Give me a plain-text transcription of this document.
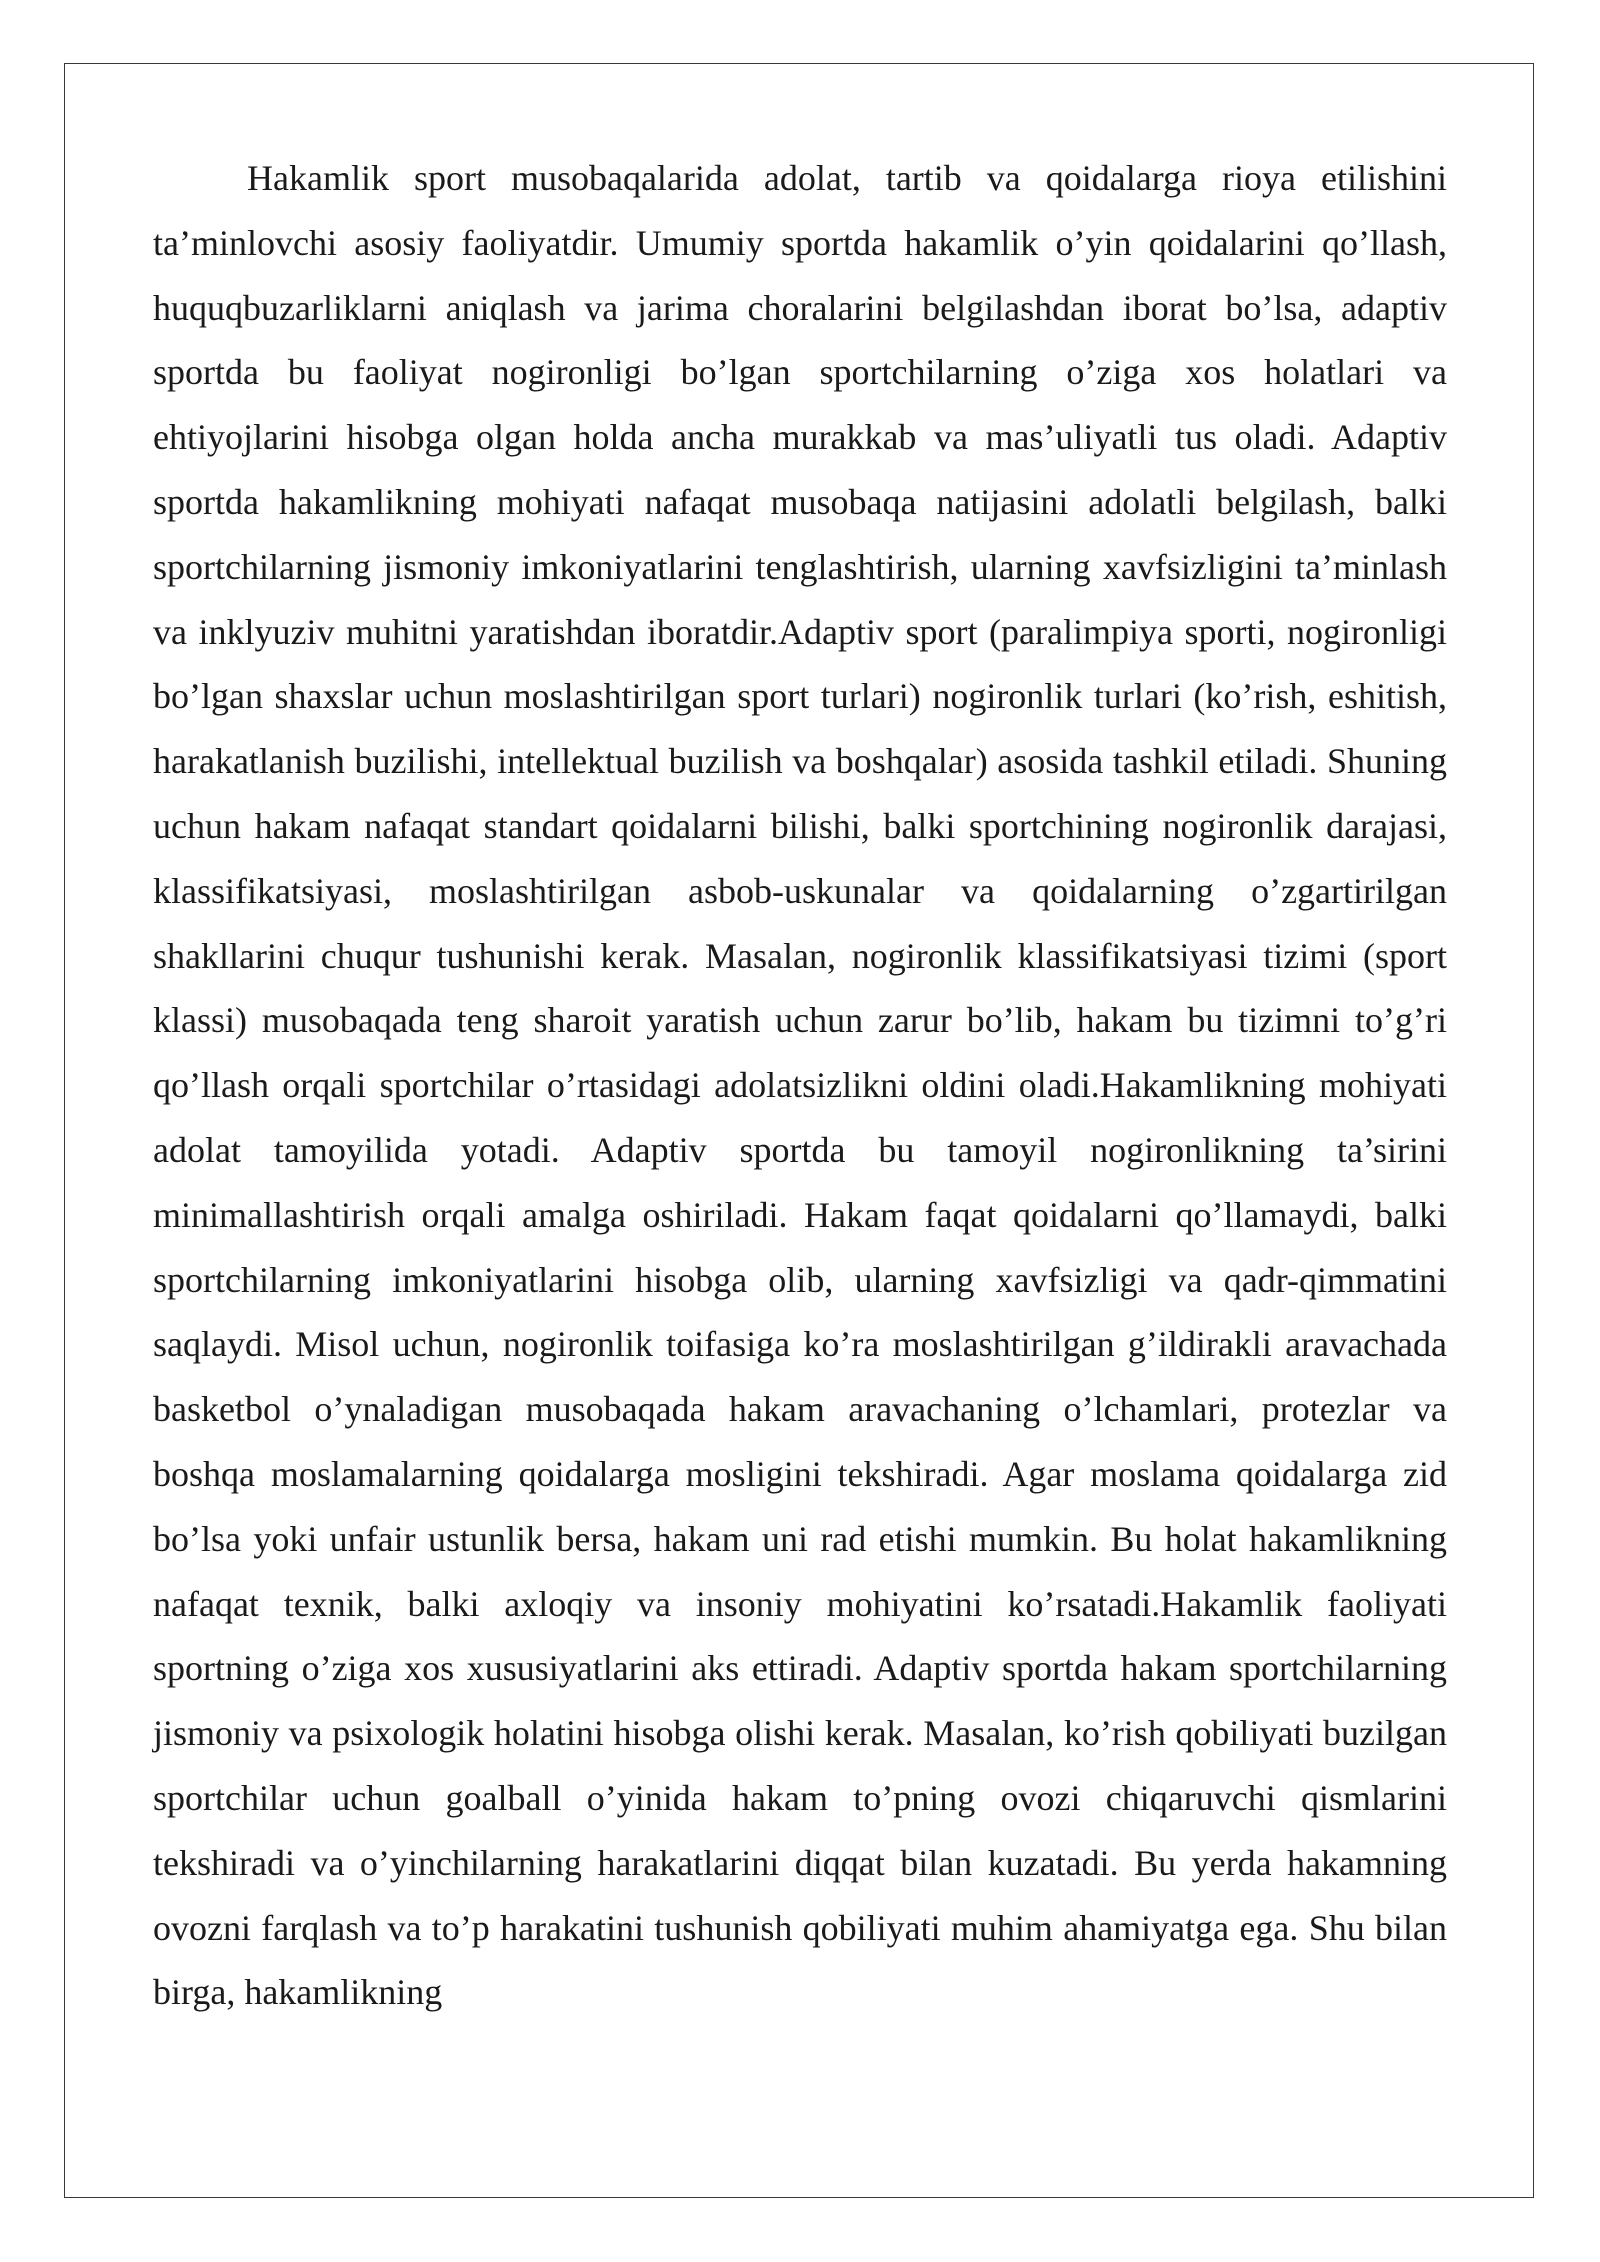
Hakamlik sport musobaqalarida adolat, tartib va qoidalarga rioya etilishini ta’minlovchi asosiy faoliyatdir. Umumiy sportda hakamlik o’yin qoidalarini qo’llash, huquqbuzarliklarni aniqlash va jarima choralarini belgilashdan iborat bo’lsa, adaptiv sportda bu faoliyat nogironligi bo’lgan sportchilarning o’ziga xos holatlari va ehtiyojlarini hisobga olgan holda ancha murakkab va mas’uliyatli tus oladi. Adaptiv sportda hakamlikning mohiyati nafaqat musobaqa natijasini adolatli belgilash, balki sportchilarning jismoniy imkoniyatlarini tenglashtirish, ularning xavfsizligini ta’minlash va inklyuziv muhitni yaratishdan iboratdir.Adaptiv sport (paralimpiya sporti, nogironligi bo’lgan shaxslar uchun moslashtirilgan sport turlari) nogironlik turlari (ko’rish, eshitish, harakatlanish buzilishi, intellektual buzilish va boshqalar) asosida tashkil etiladi. Shuning uchun hakam nafaqat standart qoidalarni bilishi, balki sportchining nogironlik darajasi, klassifikatsiyasi, moslashtirilgan asbob-uskunalar va qoidalarning o’zgartirilgan shakllarini chuqur tushunishi kerak. Masalan, nogironlik klassifikatsiyasi tizimi (sport klassi) musobaqada teng sharoit yaratish uchun zarur bo’lib, hakam bu tizimni to’g’ri qo’llash orqali sportchilar o’rtasidagi adolatsizlikni oldini oladi.Hakamlikning mohiyati adolat tamoyilida yotadi. Adaptiv sportda bu tamoyil nogironlikning ta’sirini minimallashtirish orqali amalga oshiriladi. Hakam faqat qoidalarni qo’llamaydi, balki sportchilarning imkoniyatlarini hisobga olib, ularning xavfsizligi va qadr-qimmatini saqlaydi. Misol uchun, nogironlik toifasiga ko’ra moslashtirilgan g’ildirakli aravachada basketbol o’ynaladigan musobaqada hakam aravachaning o’lchamlari, protezlar va boshqa moslamalarning qoidalarga mosligini tekshiradi. Agar moslama qoidalarga zid bo’lsa yoki unfair ustunlik bersa, hakam uni rad etishi mumkin. Bu holat hakamlikning nafaqat texnik, balki axloqiy va insoniy mohiyatini ko’rsatadi.Hakamlik faoliyati sportning o’ziga xos xususiyatlarini aks ettiradi. Adaptiv sportda hakam sportchilarning jismoniy va psixologik holatini hisobga olishi kerak. Masalan, ko’rish qobiliyati buzilgan sportchilar uchun goalball o’yinida hakam to’pning ovozi chiqaruvchi qismlarini tekshiradi va o’yinchilarning harakatlarini diqqat bilan kuzatadi. Bu yerda hakamning ovozni farqlash va to’p harakatini tushunish qobiliyati muhim ahamiyatga ega. Shu bilan birga, hakamlikning
